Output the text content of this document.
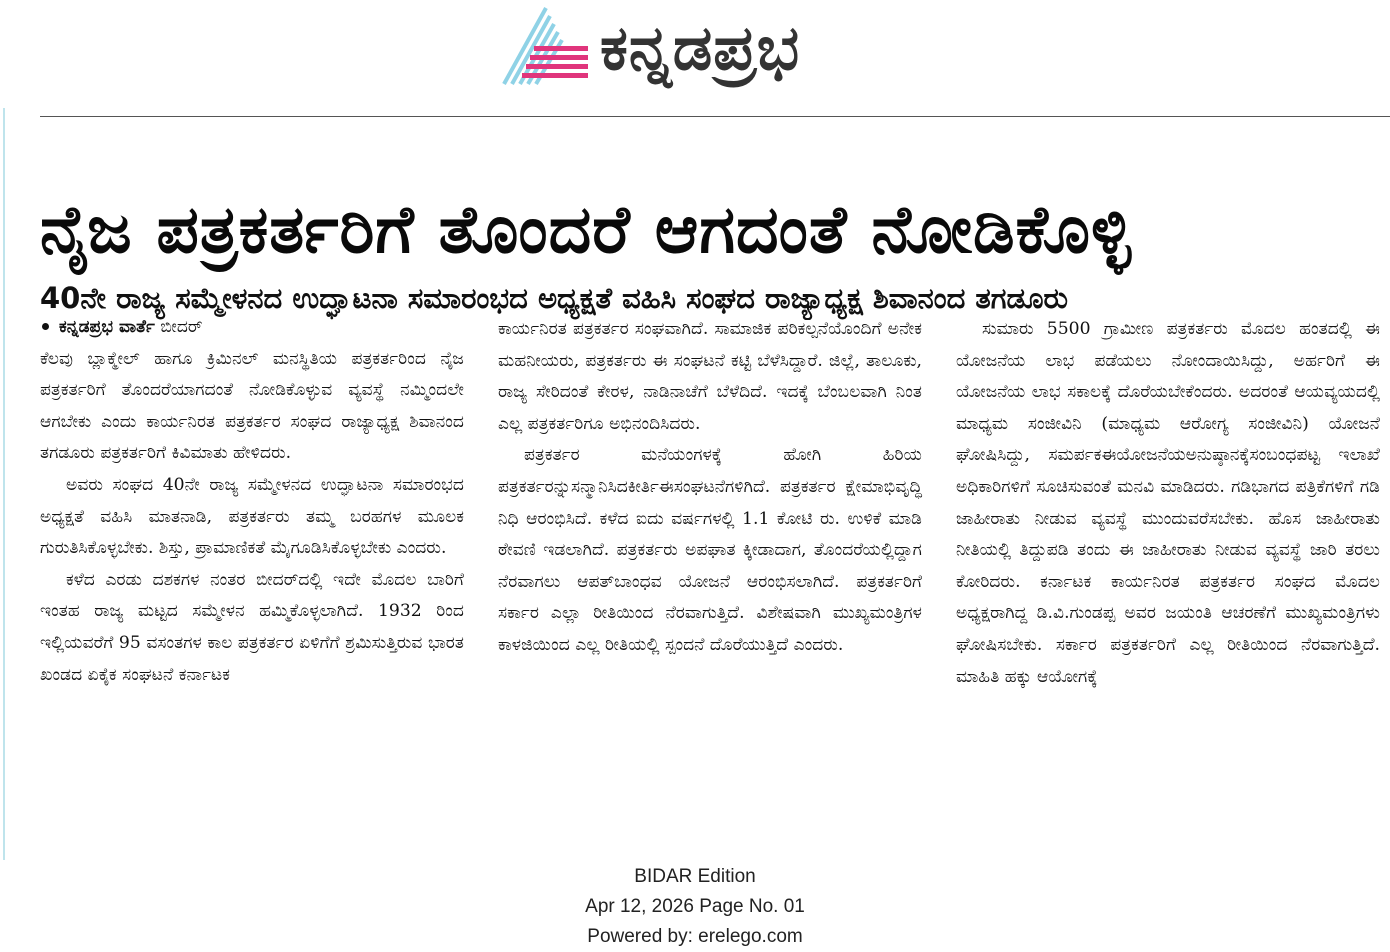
ಕನ್ನಡಪ್ರಭ
ನೈಜ ಪತ್ರಕರ್ತರಿಗೆ ತೊಂದರೆ ಆಗದಂತೆ ನೋಡಿಕೊಳ್ಳಿ
40ನೇ ರಾಜ್ಯ ಸಮ್ಮೇಳನದ ಉದ್ಘಾಟನಾ ಸಮಾರಂಭದ ಅಧ್ಯಕ್ಷತೆ ವಹಿಸಿ ಸಂಘದ ರಾಜ್ಯಾಧ್ಯಕ್ಷ ಶಿವಾನಂದ ತಗಡೂರು

ಕನ್ನಡಪ್ರಭ ವಾರ್ತೆ ಬೀದರ್

ಕೆಲವು ಬ್ಲಾಕ್ಮೇಲ್ ಹಾಗೂ ಕ್ರಿಮಿನಲ್ ಮನಸ್ಥಿತಿಯ ಪತ್ರಕರ್ತರಿಂದ ನೈಜ ಪತ್ರಕರ್ತರಿಗೆ ತೊಂದರೆಯಾಗದಂತೆ ನೋಡಿಕೊಳ್ಳುವ ವ್ಯವಸ್ಥೆ ನಮ್ಮಿಂದಲೇ ಆಗಬೇಕು ಎಂದು ಕಾರ್ಯನಿರತ ಪತ್ರಕರ್ತರ ಸಂಘದ ರಾಜ್ಯಾಧ್ಯಕ್ಷ ಶಿವಾನಂದ ತಗಡೂರು ಪತ್ರಕರ್ತರಿಗೆ ಕಿವಿಮಾತು ಹೇಳಿದರು.

ಅವರು ಸಂಘದ 40ನೇ ರಾಜ್ಯ ಸಮ್ಮೇಳನದ ಉದ್ಘಾಟನಾ ಸಮಾರಂಭದ ಅಧ್ಯಕ್ಷತೆ ವಹಿಸಿ ಮಾತನಾಡಿ, ಪತ್ರಕರ್ತರು ತಮ್ಮ ಬರಹಗಳ ಮೂಲಕ ಗುರುತಿಸಿಕೊಳ್ಳಬೇಕು. ಶಿಸ್ತು, ಪ್ರಾಮಾಣಿಕತೆ ಮೈಗೂಡಿಸಿಕೊಳ್ಳಬೇಕು ಎಂದರು.

ಕಳೆದ ಎರಡು ದಶಕಗಳ ನಂತರ ಬೀದರ್‌ದಲ್ಲಿ ಇದೇ ಮೊದಲ ಬಾರಿಗೆ ಇಂತಹ ರಾಜ್ಯ ಮಟ್ಟದ ಸಮ್ಮೇಳನ ಹಮ್ಮಿಕೊಳ್ಳಲಾಗಿದೆ. 1932 ರಿಂದ ಇಲ್ಲಿಯವರೆಗೆ 95 ವಸಂತಗಳ ಕಾಲ ಪತ್ರಕರ್ತರ ಏಳಿಗೆಗೆ ಶ್ರಮಿಸುತ್ತಿರುವ ಭಾರತ ಖಂಡದ ಏಕೈಕ ಸಂಘಟನೆ ಕರ್ನಾಟಕ

ಕಾರ್ಯನಿರತ ಪತ್ರಕರ್ತರ ಸಂಘವಾಗಿದೆ. ಸಾಮಾಜಿಕ ಪರಿಕಲ್ಪನೆಯೊಂದಿಗೆ ಅನೇಕ ಮಹನೀಯರು, ಪತ್ರಕರ್ತರು ಈ ಸಂಘಟನೆ ಕಟ್ಟಿ ಬೆಳೆಸಿದ್ದಾರೆ. ಜಿಲ್ಲೆ, ತಾಲೂಕು, ರಾಜ್ಯ ಸೇರಿದಂತೆ ಕೇರಳ, ನಾಡಿನಾಚೆಗೆ ಬೆಳೆದಿದೆ. ಇದಕ್ಕೆ ಬೆಂಬಲವಾಗಿ ನಿಂತ ಎಲ್ಲ ಪತ್ರಕರ್ತರಿಗೂ ಅಭಿನಂದಿಸಿದರು.

ಪತ್ರಕರ್ತರ ಮನೆಯಂಗಳಕ್ಕೆ ಹೋಗಿ ಹಿರಿಯ ಪತ್ರಕರ್ತರನ್ನುಸನ್ಮಾನಿಸಿದಕೀರ್ತಿಈಸಂಘಟನೆಗಳಿಗಿದೆ. ಪತ್ರಕರ್ತರ ಕ್ಷೇಮಾಭಿವೃದ್ಧಿ ನಿಧಿ ಆರಂಭಿಸಿದೆ. ಕಳೆದ ಐದು ವರ್ಷಗಳಲ್ಲಿ 1.1 ಕೋಟಿ ರು. ಉಳಿಕೆ ಮಾಡಿ ಠೇವಣಿ ಇಡಲಾಗಿದೆ. ಪತ್ರಕರ್ತರು ಅಪಘಾತ ಕ್ಕೀಡಾದಾಗ, ತೊಂದರೆಯಲ್ಲಿದ್ದಾಗ ನೆರವಾಗಲು ಆಪತ್‌ಬಾಂಧವ ಯೋಜನೆ ಆರಂಭಿಸಲಾಗಿದೆ. ಪತ್ರಕರ್ತರಿಗೆ ಸರ್ಕಾರ ಎಲ್ಲಾ ರೀತಿಯಿಂದ ನೆರವಾಗುತ್ತಿದೆ. ವಿಶೇಷವಾಗಿ ಮುಖ್ಯಮಂತ್ರಿಗಳ ಕಾಳಜಿಯಿಂದ ಎಲ್ಲ ರೀತಿಯಲ್ಲಿ ಸ್ಪಂದನೆ ದೊರೆಯುತ್ತಿದೆ ಎಂದರು.

ಸುಮಾರು 5500 ಗ್ರಾಮೀಣ ಪತ್ರಕರ್ತರು ಮೊದಲ ಹಂತದಲ್ಲಿ ಈ ಯೋಜನೆಯ ಲಾಭ ಪಡೆಯಲು ನೋಂದಾಯಿಸಿದ್ದು, ಅರ್ಹರಿಗೆ ಈ ಯೋಜನೆಯ ಲಾಭ ಸಕಾಲಕ್ಕೆ ದೊರೆಯಬೇಕೆಂದರು. ಅದರಂತೆ ಆಯವ್ಯಯದಲ್ಲಿ ಮಾಧ್ಯಮ ಸಂಜೀವಿನಿ (ಮಾಧ್ಯಮ ಆರೋಗ್ಯ ಸಂಜೀವಿನಿ) ಯೋಜನೆ ಘೋಷಿಸಿದ್ದು, ಸಮರ್ಪಕಈಯೋಜನೆಯಅನುಷ್ಠಾನಕ್ಕೆಸಂಬಂಧಪಟ್ಟ ಇಲಾಖೆ ಅಧಿಕಾರಿಗಳಿಗೆ ಸೂಚಿಸುವಂತೆ ಮನವಿ ಮಾಡಿದರು. ಗಡಿಭಾಗದ ಪತ್ರಿಕೆಗಳಿಗೆ ಗಡಿ ಜಾಹೀರಾತು ನೀಡುವ ವ್ಯವಸ್ಥೆ ಮುಂದುವರೆಸಬೇಕು. ಹೊಸ ಜಾಹೀರಾತು ನೀತಿಯಲ್ಲಿ ತಿದ್ದುಪಡಿ ತಂದು ಈ ಜಾಹೀರಾತು ನೀಡುವ ವ್ಯವಸ್ಥೆ ಜಾರಿ ತರಲು ಕೋರಿದರು. ಕರ್ನಾಟಕ ಕಾರ್ಯನಿರತ ಪತ್ರಕರ್ತರ ಸಂಘದ ಮೊದಲ ಅಧ್ಯಕ್ಷರಾಗಿದ್ದ ಡಿ.ವಿ.ಗುಂಡಪ್ಪ ಅವರ ಜಯಂತಿ ಆಚರಣೆಗೆ ಮುಖ್ಯಮಂತ್ರಿಗಳು ಘೋಷಿಸಬೇಕು. ಸರ್ಕಾರ ಪತ್ರಕರ್ತರಿಗೆ ಎಲ್ಲ ರೀತಿಯಿಂದ ನೆರವಾಗುತ್ತಿದೆ. ಮಾಹಿತಿ ಹಕ್ಕು ಆಯೋಗಕ್ಕೆ

BIDAR Edition
Apr 12, 2026 Page No. 01
Powered by: erelego.com
